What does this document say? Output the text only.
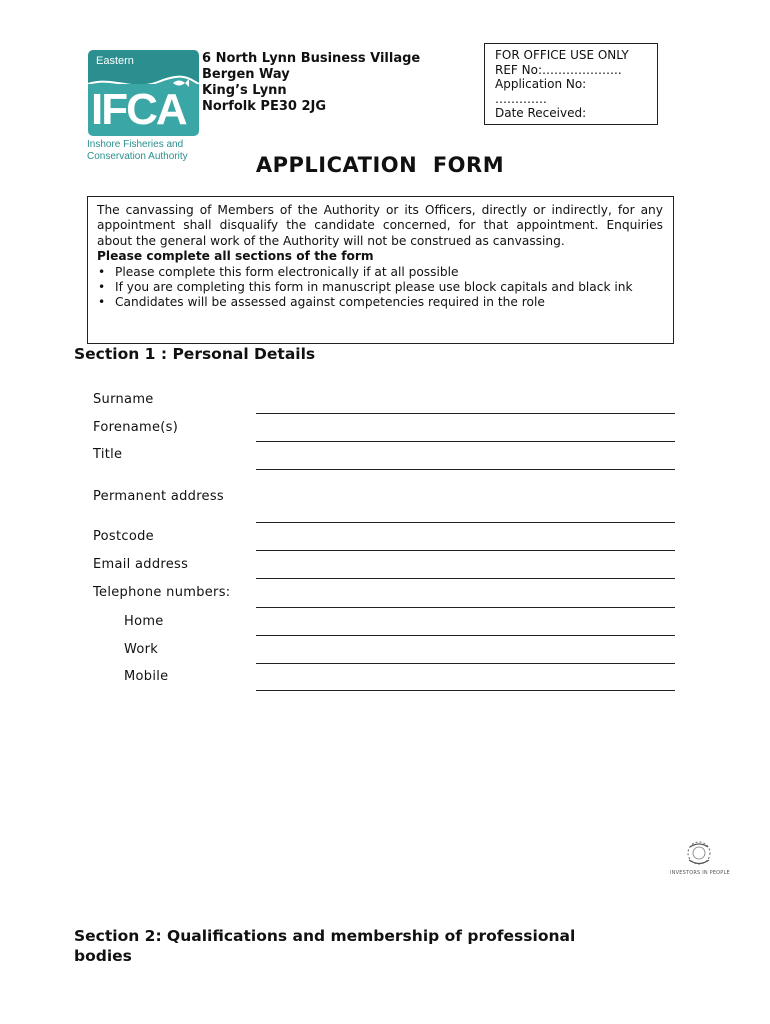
Eastern
IFCA
Inshore Fisheries and
Conservation Authority
6 North Lynn Business Village
Bergen Way
King’s Lynn
Norfolk PE30 2JG
FOR OFFICE USE ONLY
REF No:………………..
Application No:
………….
Date Received:
APPLICATION  FORM

The canvassing of Members of the Authority or its Officers, directly or indirectly, for any appointment shall disqualify the candidate concerned, for that appointment. Enquiries about the general work of the Authority will not be construed as canvassing.

Please complete all sections of the form
• Please complete this form electronically if at all possible
• If you are completing this form in manuscript please use block capitals and black ink
• Candidates will be assessed against competencies required in the role
Section 1 : Personal Details
Surname
Forename(s)
Title
Permanent address
Postcode
Email address
Telephone numbers:
Home
Work
Mobile
INVESTORS IN PEOPLE
Section 2: Qualifications and membership of professional
bodies
